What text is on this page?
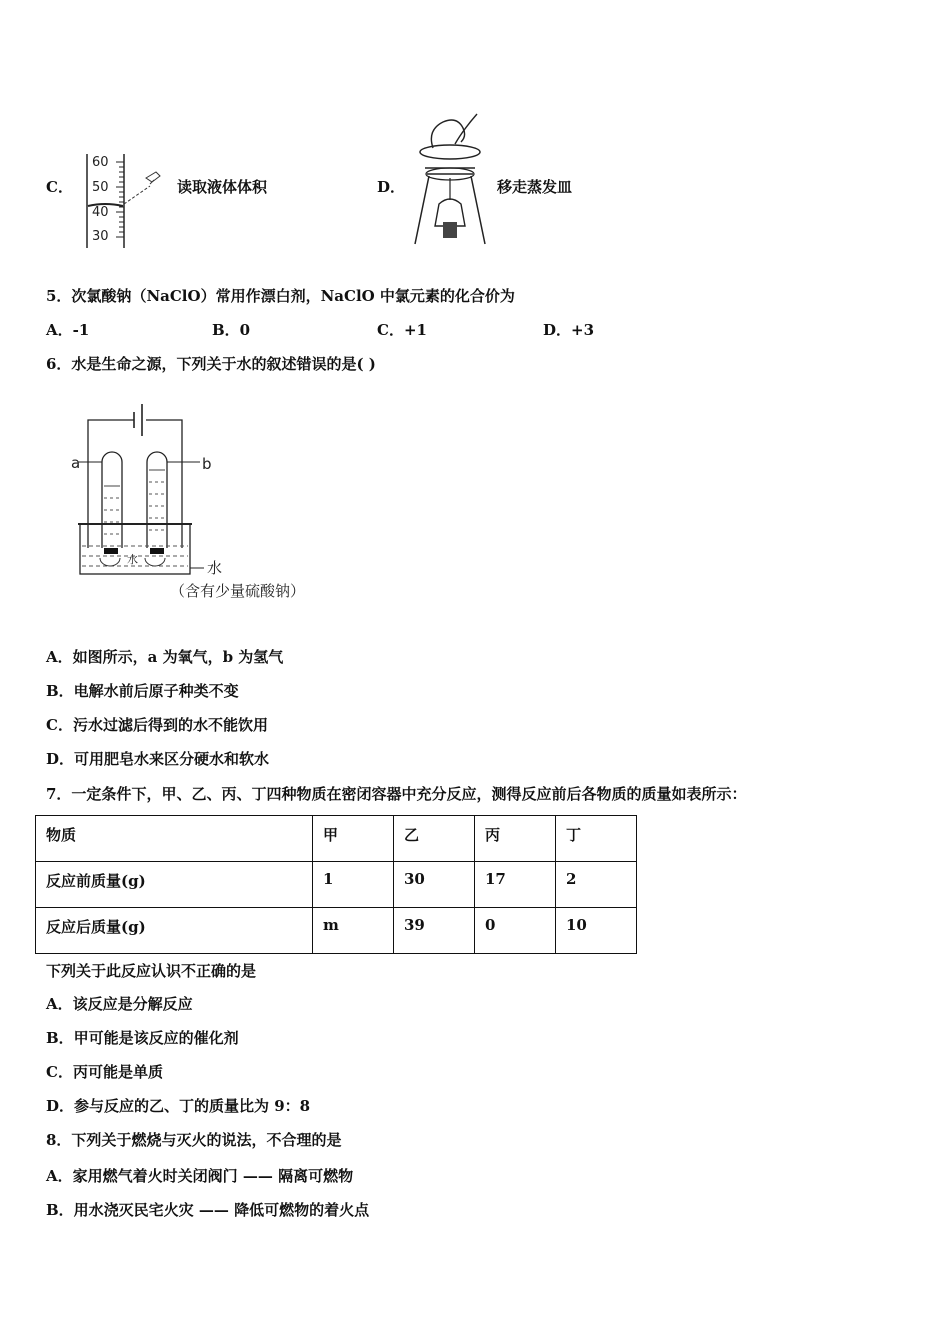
C．
60
50
40
30
读取液体体积	D．	移走蒸发皿
5．次氯酸钠（NaClO）常用作漂白剂，NaClO 中氯元素的化合价为
A．-1	B．0	C．+1	D．+3
6．水是生命之源，下列关于水的叙述错误的是( )
a	b
水	水
（含有少量硫酸钠）
A．如图所示，a 为氧气，b 为氢气
B．电解水前后原子种类不变
C．污水过滤后得到的水不能饮用
D．可用肥皂水来区分硬水和软水
7．一定条件下，甲、乙、丙、丁四种物质在密闭容器中充分反应，测得反应前后各物质的质量如表所示：
物质	甲	乙	丙	丁
反应前质量(g)	1	30	17	2
反应后质量(g)	m	39	0	10
下列关于此反应认识不正确的是
A．该反应是分解反应
B．甲可能是该反应的催化剂
C．丙可能是单质
D．参与反应的乙、丁的质量比为 9：8
8．下列关于燃烧与灭火的说法，不合理的是
A．家用燃气着火时关闭阀门 —— 隔离可燃物
B．用水浇灭民宅火灾 —— 降低可燃物的着火点
